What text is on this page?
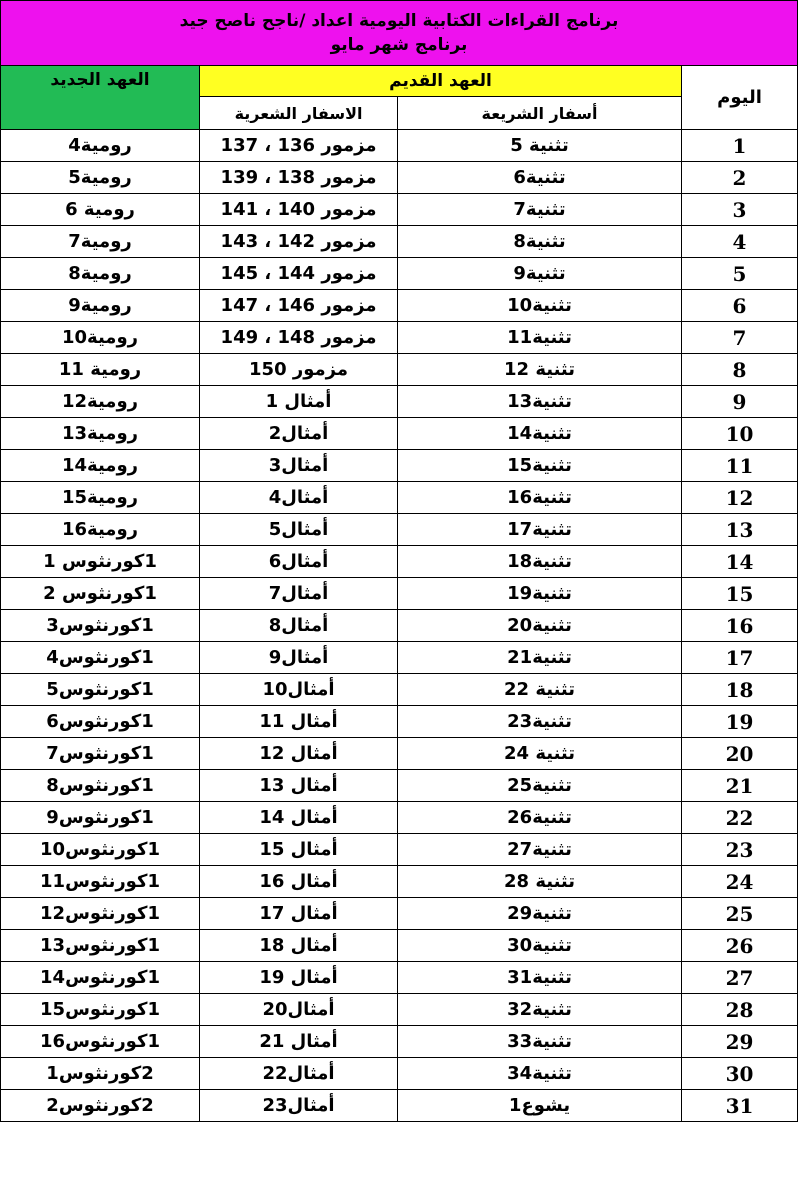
برنامج القراءات الكتابية اليومية اعداد /ناجح ناصح جيد
برنامج شهر مايو			

اليوم	العهد القديم		العهد الجديد
	أسفار الشريعة	الاسفار الشعرية	
1	تثنية 5	مزمور 136 ، 137	رومية4
2	تثنية6	مزمور 138 ، 139	رومية5
3	تثنية7	مزمور 140 ، 141	رومية 6
4	تثنية8	مزمور 142 ، 143	رومية7
5	تثنية9	مزمور 144 ، 145	رومية8
6	تثنية10	مزمور 146 ، 147	رومية9
7	تثنية11	مزمور 148 ، 149	رومية10
8	تثنية 12	مزمور 150	رومية 11
9	تثنية13	أمثال 1	رومية12
10	تثنية14	أمثال2	رومية13
11	تثنية15	أمثال3	رومية14
12	تثنية16	أمثال4	رومية15
13	تثنية17	أمثال5	رومية16
14	تثنية18	أمثال6	1كورنثوس 1
15	تثنية19	أمثال7	1كورنثوس 2
16	تثنية20	أمثال8	1كورنثوس3
17	تثنية21	أمثال9	1كورنثوس4
18	تثنية 22	أمثال10	1كورنثوس5
19	تثنية23	أمثال 11	1كورنثوس6
20	تثنية 24	أمثال 12	1كورنثوس7
21	تثنية25	أمثال 13	1كورنثوس8
22	تثنية26	أمثال 14	1كورنثوس9
23	تثنية27	أمثال 15	1كورنثوس10
24	تثنية 28	أمثال 16	1كورنثوس11
25	تثنية29	أمثال 17	1كورنثوس12
26	تثنية30	أمثال 18	1كورنثوس13
27	تثنية31	أمثال 19	1كورنثوس14
28	تثنية32	أمثال20	1كورنثوس15
29	تثنية33	أمثال 21	1كورنثوس16
30	تثنية34	أمثال22	2كورنثوس1
31	يشوع1	أمثال23	2كورنثوس2
